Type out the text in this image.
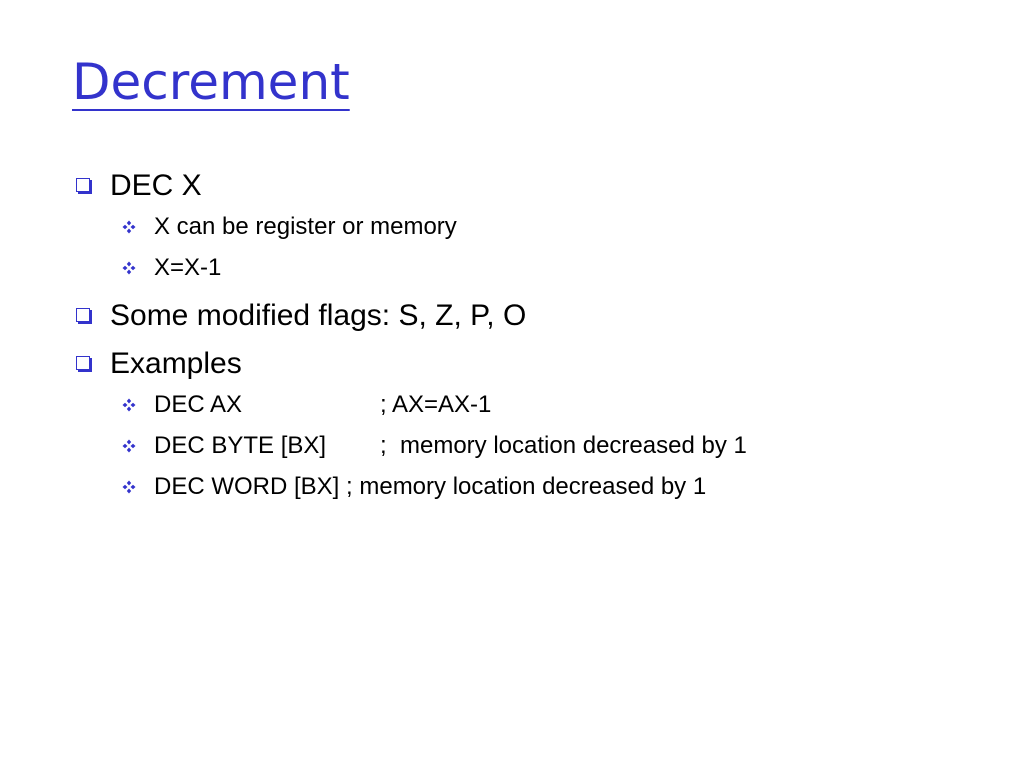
Decrement
DEC X
X can be register or memory
X=X-1
Some modified flags: S, Z, P, O
Examples
DEC AX	; AX=AX-1
DEC BYTE [BX] ;  memory location decreased by 1
DEC WORD [BX] ; memory location decreased by 1
